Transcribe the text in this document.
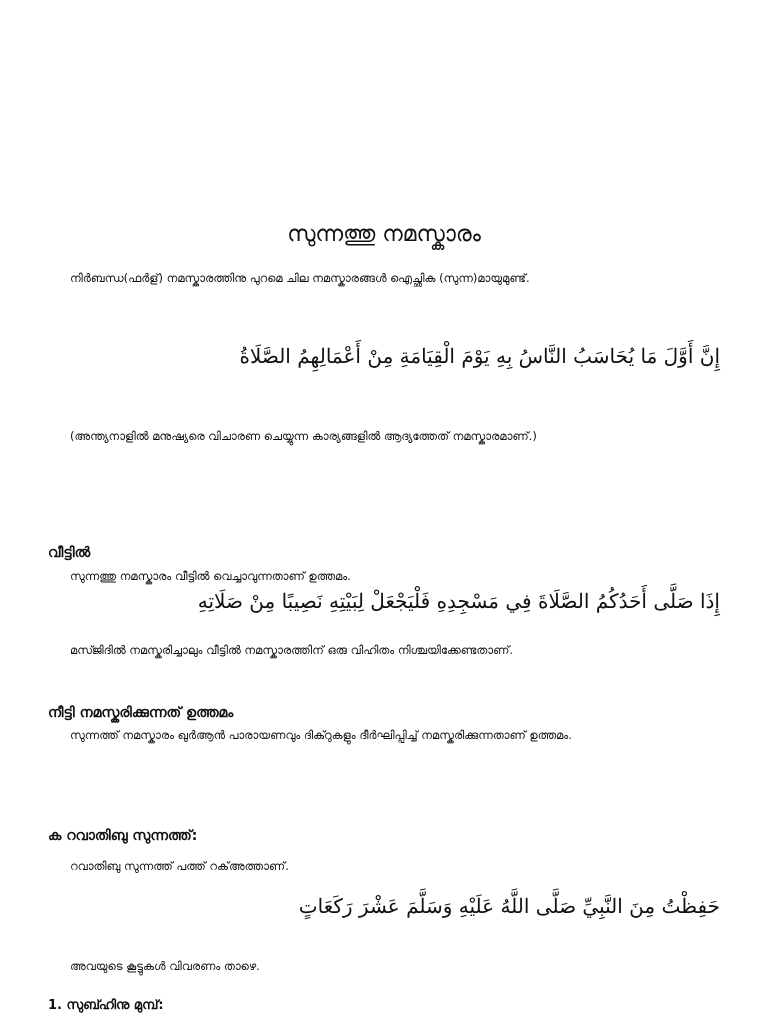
സുന്നത്തു നമസ്കാരം
നിർബന്ധ(ഫർള്) നമസ്കാരത്തിനു പുറമെ ചില നമസ്കാരങ്ങൾ ഐച്ഛിക (സുന്ന)മായുമുണ്ട്.
إِنَّ أَوَّلَ مَا يُحَاسَبُ النَّاسُ بِهِ يَوْمَ الْقِيَامَةِ مِنْ أَعْمَالِهِمُ الصَّلَاةُ
(അന്ത്യനാളിൽ മനുഷ്യരെ വിചാരണ ചെയ്യുന്ന കാര്യങ്ങളിൽ ആദ്യത്തേത് നമസ്കാരമാണ്.)
വീട്ടിൽ
സുന്നത്തു നമസ്കാരം വീട്ടിൽ വെച്ചാവുന്നതാണ് ഉത്തമം.
إِذَا صَلَّى أَحَدُكُمُ الصَّلَاةَ فِي مَسْجِدِهِ فَلْيَجْعَلْ لِبَيْتِهِ نَصِيبًا مِنْ صَلَاتِهِ
മസ്ജിദിൽ നമസ്കരിച്ചാലും വീട്ടിൽ നമസ്കാരത്തിന് ഒരു വിഹിതം നിശ്ചയിക്കേണ്ടതാണ്.
നീട്ടി നമസ്കരിക്കുന്നത് ഉത്തമം
സുന്നത്ത് നമസ്കാരം ഖുർആൻ പാരായണവും ദിക്റുകളും ദീർഘിപ്പിച്ച് നമസ്കരിക്കുന്നതാണ് ഉത്തമം.
ക റവാതിബു സുന്നത്ത്:
റവാതിബു സുന്നത്ത് പത്ത് റക്അത്താണ്.
حَفِظْتُ مِنَ النَّبِيِّ صَلَّى اللَّهُ عَلَيْهِ وَسَلَّمَ عَشْرَ رَكَعَاتٍ
അവയുടെ കൂട്ടുകൾ വിവരണം താഴെ.
1. സുബ്ഹിനു മുമ്പ്:
